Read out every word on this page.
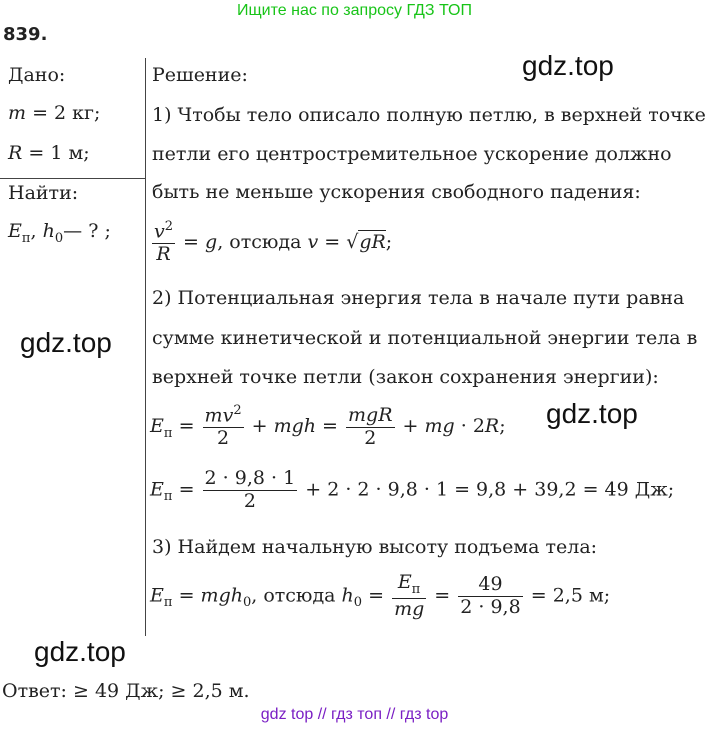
Ищите нас по запросу ГДЗ ТОП
839.
gdz.top
gdz.top
gdz.top
gdz.top
Дано:
m = 2 кг;
R = 1 м;
Найти:
$E_п$, $h_0—$ ? ;
Решение:
1) Чтобы тело описало полную петлю, в верхней точке
петли его центростремительное ускорение должно
быть не меньше ускорения свободного падения:
$\frac{v^2}{R} = g$, отсюда v = √gR;
2) Потенциальная энергия тела в начале пути равна
сумме кинетической и потенциальной энергии тела в
верхней точке петли (закон сохранения энергии):
$E_п = \frac{mv^2}{2}$ + mgh = $\frac{\text{mgR}}{2}$ + mg · 2R;
$E_п = \frac{2 \cdot 9,8 \cdot 1}{2} + 2 \cdot 2 \cdot 9,8 \cdot 1 = 9,8 + 39,2 = 49$ Дж;
3) Найдем начальную высоту подъема тела:
$E_п = mgh_0$, отсюда $h_0 = \frac{E_п}{mg} = \frac{49}{2 \cdot 9,8} = 2,5$ м;
Ответ: ≥ 49 Дж; ≥ 2,5 м.
gdz top // гдз топ // гдз top
